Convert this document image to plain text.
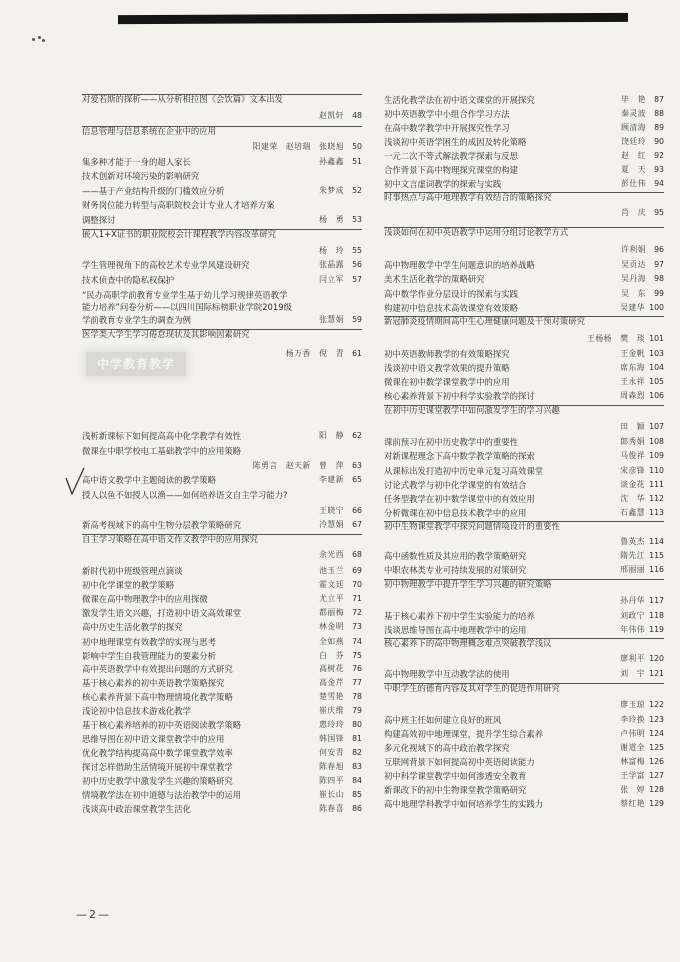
中学教育教学
对爱若斯的探析——从分析相拉图《会饮篇》文本出发
赵凯轩	48
信息管理与信息系统在企业中的应用
阳建荣　赵培瑞　张晓旭	50
集多种才能于一身的超人家长	孙鑫鑫	51
技术创新对环境污染的影响研究
——基于产业结构升级的门槛效应分析	朱梦成	52
财务岗位能力转型与高职院校会计专业人才培养方案
调整探讨	杨　勇	53
嵌入1+X证书的职业院校会计课程教学内容改革研究
杨　玲	55
学生管理视角下的高校艺术专业学风建设研究	张晶露	56
技术侦查中的隐私权保护	闫立军	57
“民办高职学前教育专业学生基于幼儿学习规律英语教学
能力培养”问卷分析——以四川国际标榜职业学院2019级
学前教育专业学生的调查为例	张慧娟	59
医学类大学生学习倦怠现状及其影响因素研究
杨万香　倪　青	61
浅析新课标下如何提高高中化学教学有效性	阳　静	62
微课在中职学校电工基础教学中的应用策略
陈勇言　赵天新　曾　萍	63
高中语文教学中主题阅读的教学策略	李建新	65
授人以鱼不如授人以渔——如何培养语文自主学习能力?
王晓宁	66
新高考视域下的高中生物分层教学策略研究	冷慧娟	67
自主学习策略在高中语文作文教学中的应用探究
余光西	68
新时代初中班级管理点滴谈	池玉兰	69
初中化学课堂的教学策略	霍文廷	70
微课在高中物理教学中的应用探微	尤立平	71
激发学生语文兴趣，打造初中语文高效课堂	都丽梅	72
高中历史生活化教学的探究	林金明	73
初中地理课堂有效教学的实现与思考	全如燕	74
影响中学生自我管理能力的要素分析	白　芬	75
高中英语教学中有效提出问题的方式研究	高树花	76
基于核心素养的初中英语教学策略探究	高金芹	77
核心素养背景下高中物理情境化教学策略	楚雪艳	78
浅论初中信息技术游戏化教学	崔庆维	79
基于核心素养培养的初中英语阅读教学策略	惠玲玲	80
思维导图在初中语文课堂教学中的应用	韩国锋	81
优化教学结构提高高中数学课堂教学效率	何安青	82
探讨怎样借助生活情境开展初中课堂教学	陈春旭	83
初中历史教学中激发学生兴趣的策略研究	陈四平	84
情境教学法在初中道德与法治教学中的运用	崔长山	85
浅谈高中政治课堂教学生活化	陈春喜	86
生活化教学法在初中语文课堂的开展探究	毕　艳	87
初中英语教学中小组合作学习方法	秦灵波	88
在高中数学教学中开展探究性学习	顾清海	89
浅谈初中英语学困生的成因及转化策略	饶廷玲	90
一元二次不等式解法教学探索与反思	赵　红	92
合作背景下高中物理探究课堂的构建	夏　天	93
初中文言虚词教学的探索与实践	彭仕伟	94
时事热点与高中地理教学有效结合的策略探究
肖　庆	95
浅谈如何在初中英语教学中运用分组讨论教学方式
许利娟	96
高中物理教学中学生问题意识的培养战略	吴贡达	97
美术生活化教学的策略研究	吴丹海	98
高中数学作业分层设计的探索与实践	吴　东	99
构建初中信息技术高效课堂有效策略	吴建华 100
新冠肺炎疫情期间高中生心理健康问题及干预对策研究
王杨杨　樊　琰 101
初中英语教师教学的有效策略探究	王金帆 103
浅谈初中语文教学效果的提升策略	席东海 104
微课在初中数学课堂教学中的应用	王永祥 105
核心素养背景下初中科学实验教学的探讨	周森烈 106
在初中历史课堂教学中如何激发学生的学习兴趣
田　颖 107
课前预习在初中历史教学中的重要性	郎秀娟 108
对新课程理念下高中数学教学策略的探索	马俊祥 109
从课标出发打造初中历史单元复习高效课堂	宋彦锋 110
讨论式教学与初中化学课堂的有效结合	谈金花 111
任务型教学在初中数学课堂中的有效应用	沈　华 112
分析微课在初中信息技术教学中的应用	石鑫慧 113
初中生物课堂教学中探究问题情境设计的重要性
鲁英杰 114
高中函数性质及其应用的教学策略研究	隋先江 115
中职农林类专业可持续发展的对策研究	邢丽丽 116
初中物理教学中提升学生学习兴趣的研究策略
孙丹华 117
基于核心素养下初中学生实验能力的培养	刘政宁 118
浅谈思维导图在高中地理教学中的运用	年伟伟 119
核心素养下的高中物理概念难点突破教学浅议
廖利平 120
高中物理教学中互动教学法的使用	刘　宇 121
中职学生的德育内容及其对学生的促进作用研究
廖玉琼 122
高中班主任如何建立良好的班风	李玲换 123
构建高效初中地理课堂，提升学生综合素养	卢伟明 124
多元化视域下的高中政治教学探究	谢道全 125
互联网背景下如何提高初中英语阅读能力	林富梅 126
初中科学课堂教学中如何渗透安全教育	王学富 127
新课改下的初中生物课堂教学策略研究	张　婷 128
高中地理学科教学中如何培养学生的实践力	蔡红艳 129
—2—
